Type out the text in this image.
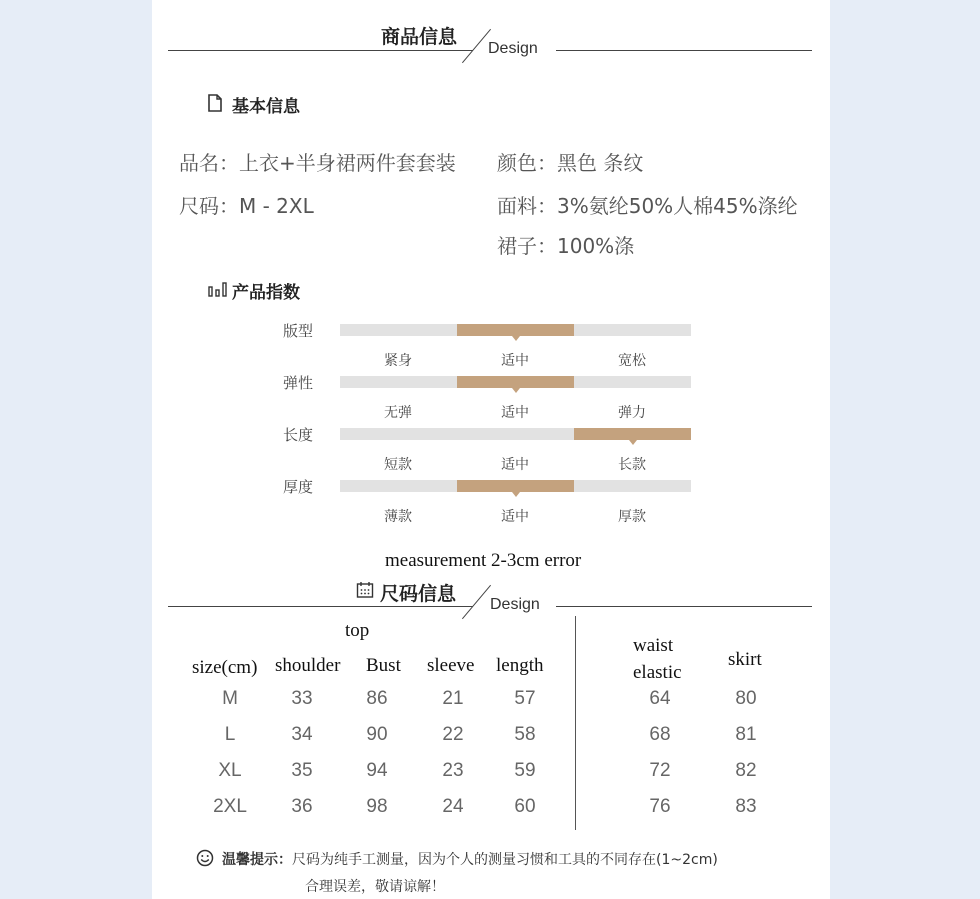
商品信息
Design
基本信息
品名：上衣+半身裙两件套套装 颜色：黑色 条纹
尺码：M - 2XL	面料：3%氨纶50%人棉45%涤纶
裙子：100%涤
产品指数
版型
紧身	适中	宽松
弹性
无弹	适中	弹力
长度
短款	适中	长款
厚度
薄款	适中	厚款
measurement 2-3cm error
尺码信息 Design
top
size(cm) shoulder Bust sleeve length
waist
elastic
skirt
M	33	86	21	57	64	80
L	34	90	22	58	68	81
XL	35	94	23	59	72	82
2XL	36	98	24	60	76	83
温馨提示：尺码为纯手工测量，因为个人的测量习惯和工具的不同存在(1~2cm)
合理误差，敬请谅解！
